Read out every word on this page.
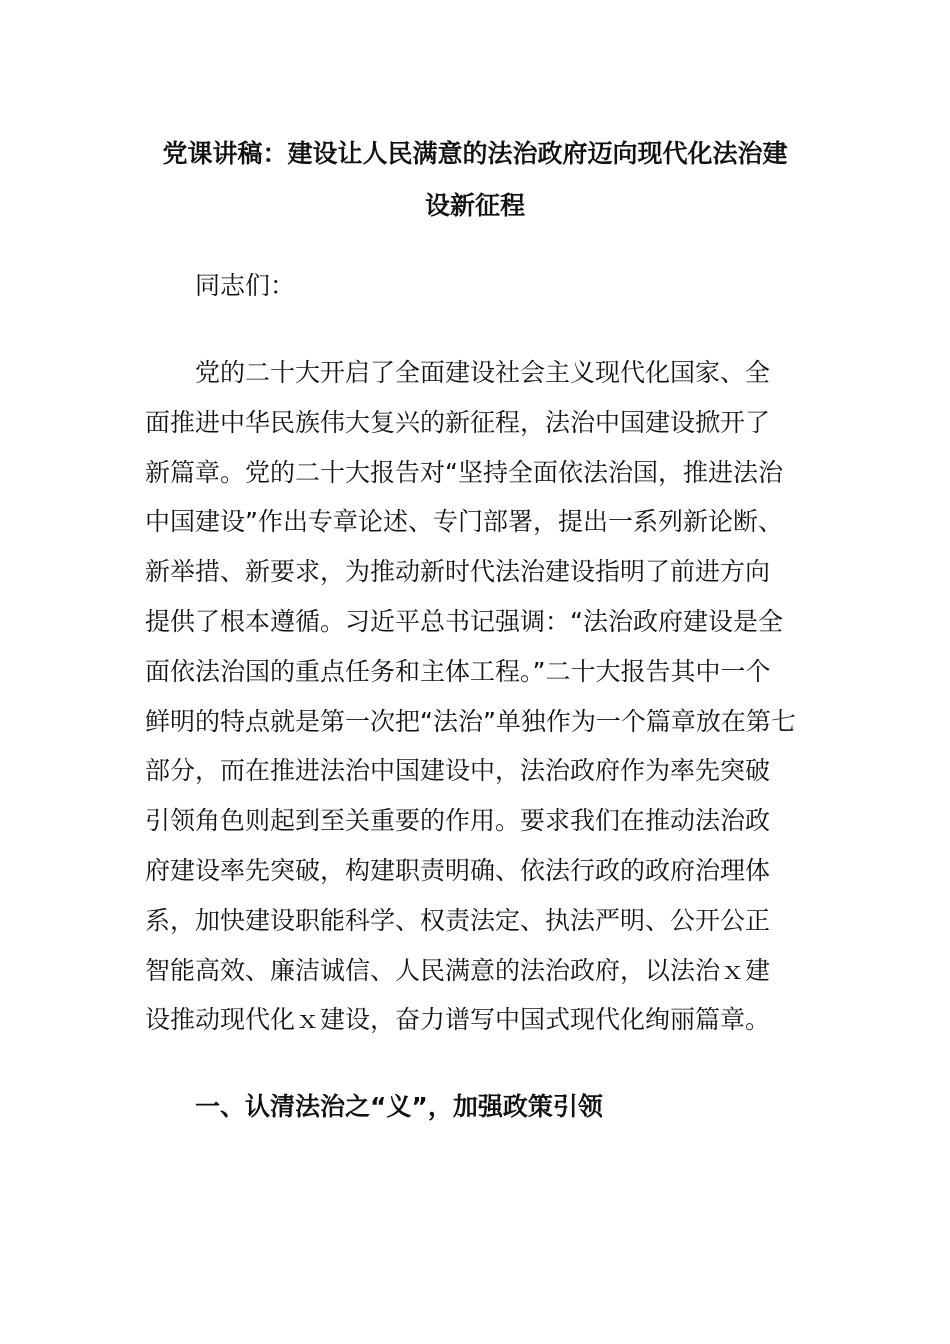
党课讲稿：建设让人民满意的法治政府迈向现代化法治建
设新征程
同志们：
党的二十大开启了全面建设社会主义现代化国家、全
面推进中华民族伟大复兴的新征程，法治中国建设掀开了
新篇章。党的二十大报告对“坚持全面依法治国，推进法治
中国建设”作出专章论述、专门部署，提出一系列新论断、
新举措、新要求，为推动新时代法治建设指明了前进方向
提供了根本遵循。习近平总书记强调：“法治政府建设是全
面依法治国的重点任务和主体工程。”二十大报告其中一个
鲜明的特点就是第一次把“法治”单独作为一个篇章放在第七
部分，而在推进法治中国建设中，法治政府作为率先突破
引领角色则起到至关重要的作用。要求我们在推动法治政
府建设率先突破，构建职责明确、依法行政的政府治理体
系，加快建设职能科学、权责法定、执法严明、公开公正
智能高效、廉洁诚信、人民满意的法治政府，以法治ｘ建
设推动现代化ｘ建设，奋力谱写中国式现代化绚丽篇章。
一、认清法治之“义”，加强政策引领
